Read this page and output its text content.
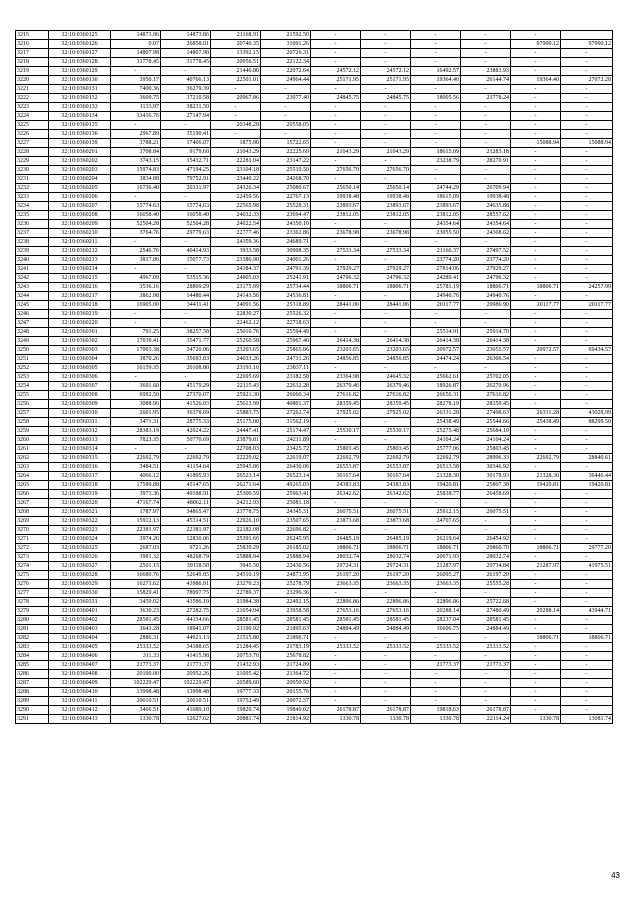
3215	32:10:0360125	14873.86	14873.86	21168.91	21592.50	-	-	-	-	-	
3216	32:10:0360126	0.07	26858.01	20740.35	31091.26	-	-	-	-	97900.12	97900.12
3217	32:10:0360127	14807.98	14807.98	13392.15	20726.31	-	-	-	-	-	-
3218	32:10:0360128	31778.45	31778.45	20956.51	22122.34	-	-	-	-	-	-
3219	32:10:0360129	-	-	21440.80	22072.64	24572.12	24572.12	16492.57	23883.93	-	-
3220	32:10:0360130	3950.17	40766.13	22501.01	24964.44	25171.95	25171.95	19364.40	26144.74	19364.40	27072.28
3221	32:10:0360131	7400.36	36279.39	-	-	-	-	-	-	-	-
3222	32:10:0360132	3609.75	37210.58	20967.86	23077.40	24845.75	24845.75	18005.56	23778.24	-	-
3223	32:10:0360133	1133.97	38231.50	-	-	-	-	-	-	-	-
3224	32:10:0360134	13416.76	27147.94	-	-	-	-	-	-	-	-
3225	32:10:0360135	-	-	20348.28	20558.05	-	-	-	-	-	-
3226	32:10:0360136	2967.89	35190.41	-	-	-	-	-	-	-	-
3227	32:10:0360139	3788.21	17406.07	1875.90	15722.65	-	-	-	-	15088.94	15088.94
3228	32:10:0360201	3708.84	9179.60	21043.29	22225.69	21043.29	21043.29	18615.09	21283.18	-	-
3229	32:10:0360202	3743.15	15432.71	22281.04	23147.22	-	-	23238.79	28270.91	-	-
3230	32:10:0360203	15974.83	47194.25	23104.18	25519.50	27656.70	27656.70	-	-	-	-
3231	32:10:0360204	3834.88	79752.91	23440.22	24268.70	-	-	-	-	-	-
3232	32:10:0360205	16736.40	20331.97	24326.34	25080.67	25650.14	25650.14	24744.29	26709.94	-	-
3233	32:10:0360206	-	-	22459.56	22767.13	19938.48	19938.48	18615.09	19938.48	-	-
3234	32:10:0360207	15774.63	15774.63	22565.98	25528.31	23893.67	23893.67	23893.67	24635.88	-	-
3235	32:10:0360208	16058.40	16058.40	24032.33	23694.47	23812.05	23812.05	23812.05	28557.62	-	-
3236	32:10:0360209	52504.28	52504.28	24022.54	24350.10	-	-	24354.64	24354.64	-	-
3237	32:10:0360210	3764.76	29779.63	22777.46	23362.86	23678.98	23678.98	23055.50	24308.62	-	-
3238	32:10:0360211	-	-	24359.36	24689.71	-	-	-	-	-	-
3239	32:10:0360212	2546.76	40414.93	3933.58	30998.35	27533.34	27533.34	21166.37	27497.52	-	-
3240	32:10:0360213	3817.86	15077.73	23386.90	24001.26	-	-	23774.20	23774.20	-	-
3241	32:10:0360214	-	-	24384.37	24791.39	27929.27	27929.27	27814.06	27929.27	-	-
3242	32:10:0360215	4967.09	53515.36	24805.03	25241.91	24796.32	24796.32	24289.41	24796.32	-	-
3243	32:10:0360216	3536.16	28809.29	23175.99	25734.44	18806.71	18806.71	25781.19	18806.71	18806.71	24257.99
3244	32:10:0360217	3862.98	14480.44	24143.56	24536.81	-	-	24940.76	24940.76	-	-
3245	32:10:0360218	16905.00	34411.41	24091.56	25318.89	28441.06	28441.06	20117.77	29986.90	20117.77	20117.77
3246	32:10:0360219	-	-	22830.27	25526.32	-	-	-	-	-	-
3247	32:10:0360220	-	-	22462.12	22718.63	-	-	-	-	-	-
3248	32:10:0360301	791.25	38257.58	25010.76	25594.49	-	-	25514.91	25914.70	-	-
3249	32:10:0360302	17039.41	35471.77	25260.58	25967.40	26414.38	26414.38	26414.38	26414.38	-	-
3250	32:10:0360303	17003.38	34720.06	23203.65	25865.06	23203.65	23203.65	20972.57	23055.57	20972.57	69434.57
3251	32:10:0360304	3870.26	35693.83	24033.26	24731.26	24856.85	24856.85	24474.24	26306.54	-	-
3252	32:10:0360305	16159.35	20108.80	23193.10	23837.11	-	-	-	-	-	-
3253	32:10:0360306	-	-	22695.69	23182.58	23364.98	24645.32	25662.61	25702.05	-	-
3254	32:10:0360307	3691.60	45179.29	22115.43	22632.28	26379.46	26379.46	18926.87	26270.96	-	-
3255	32:10:0360308	6992.50	27370.07	25921.30	26060.34	27616.82	27616.82	26656.31	27616.82	-	-
3256	32:10:0360309	3088.96	41526.03	25613.99	40801.37	28359.45	28359.45	28278.19	28359.45	-	-
3257	32:10:0360310	2601.95	36378.69	25883.75	27262.74	27925.02	27925.02	26331.28	27498.63	26331.28	43028.99
3258	32:10:0360311	3471.31	28775.33	25175.00	31562.19	-	-	25438.49	25544.66	25438.49	88299.50
3259	32:10:0360312	28383.19	42024.22	24447.41	25174.47	25530.17	25530.17	25275.48	25684.10	-	-
3260	32:10:0360313	7823.35	50770.69	23879.81	24211.89	-	-	24104.24	24104.24	-	-
3261	32:10:0360314	-	-	22708.03	23425.72	25803.45	25803.45	25777.06	25803.45	-	-
3262	32:10:0360315	22692.79	22692.79	22229.02	22619.07	22692.79	22692.79	22692.79	28996.33	22692.79	28840.61
3263	32:10:0360316	3484.51	41154.64	25945.86	26430.06	26553.87	26553.87	26513.58	30346.92	-	-
3264	32:10:0360317	4066.12	41895.93	26523.14	26523.14	30167.64	30167.64	21328.30	30178.93	21328.30	36446.44
3265	32:10:0360318	17589.88	45147.65	26271.64	49265.03	24383.83	24383.83	19420.81	25807.38	19420.81	19420.81
3266	32:10:0360319	3973.36	49188.91	25300.59	25963.41	26342.62	26342.62	25838.77	26458.69	-	-
3267	32:10:0360320	47167.74	48062.11	24212.93	25081.18	-	-	-	-	-	-
3268	32:10:0360321	1787.97	34865.47	23778.75	24345.31	26075.51	26075.51	25912.15	26075.51	-	-
3269	32:10:0360322	15912.13	45314.51	22926.10	23507.65	23873.68	23873.68	24707.65	-	-	-
3270	32:10:0360323	22381.97	22381.97	22182.08	22696.82	-	-	-	-	-	-
3271	32:10:0360324	3974.26	12830.06	25391.66	26245.95	26485.19	26485.19	26219.64	26454.92	-	-
3272	32:10:0360325	2687.03	9721.26	25839.29	26185.02	18806.71	18806.71	18806.71	29860.70	18806.71	29777.20
3273	32:10:0360326	3981.32	48268.79	25888.94	25888.94	28032.74	28032.74	20071.93	28032.74	-	-
3274	32:10:0360327	2501.15	39118.50	3945.50	22430.56	29724.31	29724.31	21287.97	29734.84	21287.97	41975.51
3275	32:10:0360328	16680.76	52649.85	24510.19	24873.95	26197.20	26197.20	26095.27	26197.20	-	-
3276	32:10:0360329	16273.62	43986.91	23270.23	25278.79	23663.35	23663.35	23663.35	25555.28	-	-
3277	32:10:0360330	15829.41	78997.75	22789.37	23296.36	-	-	-	-	-	-
3278	32:10:0360331	3459.02	43586.19	21984.38	22492.15	22896.86	22896.86	22896.86	25722.68	-	-
3279	32:10:0360401	3630.23	27282.75	21054.94	23958.58	27653.16	27653.16	20288.14	27480.49	20288.14	43944.71
3280	32:10:0360402	28581.45	44134.66	28581.45	28581.45	28581.45	28581.45	28237.04	28581.45	-	-
3281	32:10:0360403	3643.28	18941.07	21190.92	21895.63	24884.49	24884.49	16606.75	24884.49	-	-
3282	32:10:0360404	2886.31	44921.13	21515.80	21896.71	-	-	-	-	18806.71	18806.71
3283	32:10:0360405	25333.52	34388.65	21284.45	21783.19	25333.52	25333.52	25333.52	25333.52	-	-
3284	32:10:0360406	311.33	41415.98	20753.70	25678.82	-	-	-	-	-	-
3285	32:10:0360407	21773.37	21773.37	21432.93	21724.89	-	-	21773.37	21773.37	-	-
3286	32:10:0360408	20100.00	20952.26	21095.42	21364.72	-	-	-	-	-	-
3287	32:10:0360409	102229.47	102229.47	20589.60	20950.92	-	-	-	-	-	-
3288	32:10:0360410	13998.48	13998.48	19777.33	20155.76	-	-	-	-	-	-
3289	32:10:0360411	20010.51	20010.51	19752.49	20072.37	-	-	-	-	-	-
3290	32:10:0360412	3466.51	41689.10	19820.74	19849.02	26178.87	26178.87	19818.63	26178.87	-	-
3291	32:10:0360413	1330.78	12627.62	20881.74	21814.92	1330.78	1330.78	1330.78	22114.24	1330.78	13081.74
43
